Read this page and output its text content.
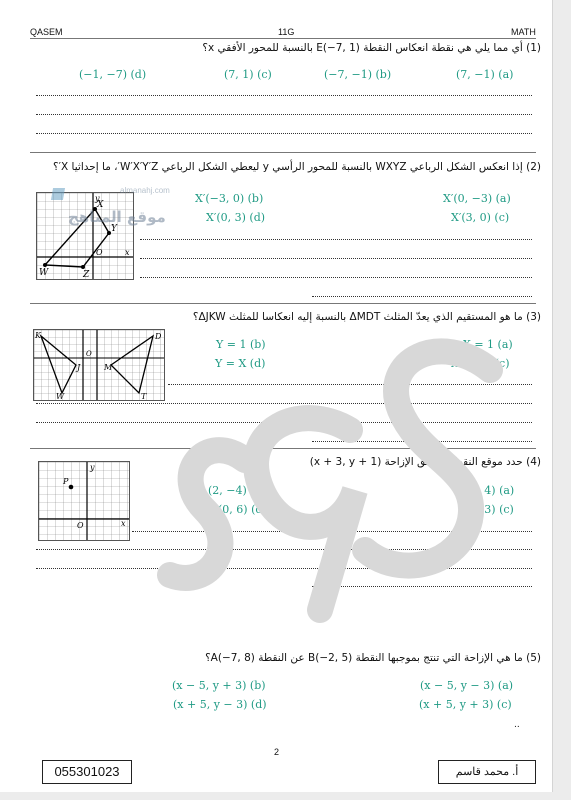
QASEM	11G	MATH
(1) أي مما يلي هي نقطة انعكاس النقطة E(−7, 1) بالنسبة للمحور الأفقي x؟
(7, −1) (a)
(−7, −1) (b)
(7, 1) (c)
(−1, −7) (d)
(2) إذا انعكس الشكل الرباعي WXYZ بالنسبة للمحور الرأسي y ليعطي الشكل الرباعي W′X′Y′Z′، ما إحداثيا X′؟
W
X
Y
Z
O	x
y
almanahj.com
موقع المناهج
X′(0, −3) (a)
X′(−3, 0) (b)
X′(3, 0) (c)
X′(0, 3) (d)
(3) ما هو المستقيم الذي يعدّ المثلث ΔMDT بالنسبة إليه انعكاسا للمثلث ΔJKW؟
K
J
W
M
D
T
O
X = 1 (a)
Y = 1 (b)
X = −1 (c)
Y = X (d)
(4) حدد موقع النقطة P وفق الإزاحة (x + 3, y + 1)
P
O	x
y
(2, 4) (a)
(2, −4) (b)
(0, 3) (c)
(0, 6) (d)
(5) ما هي الإزاحة التي تنتج بموجبها النقطة B(−2, 5) عن النقطة A(−7, 8)؟
(x − 5, y − 3) (a)
(x − 5, y + 3) (b)
(x + 5, y + 3) (c)
(x + 5, y − 3) (d)
..
2
055301023	أ. محمد قاسم
